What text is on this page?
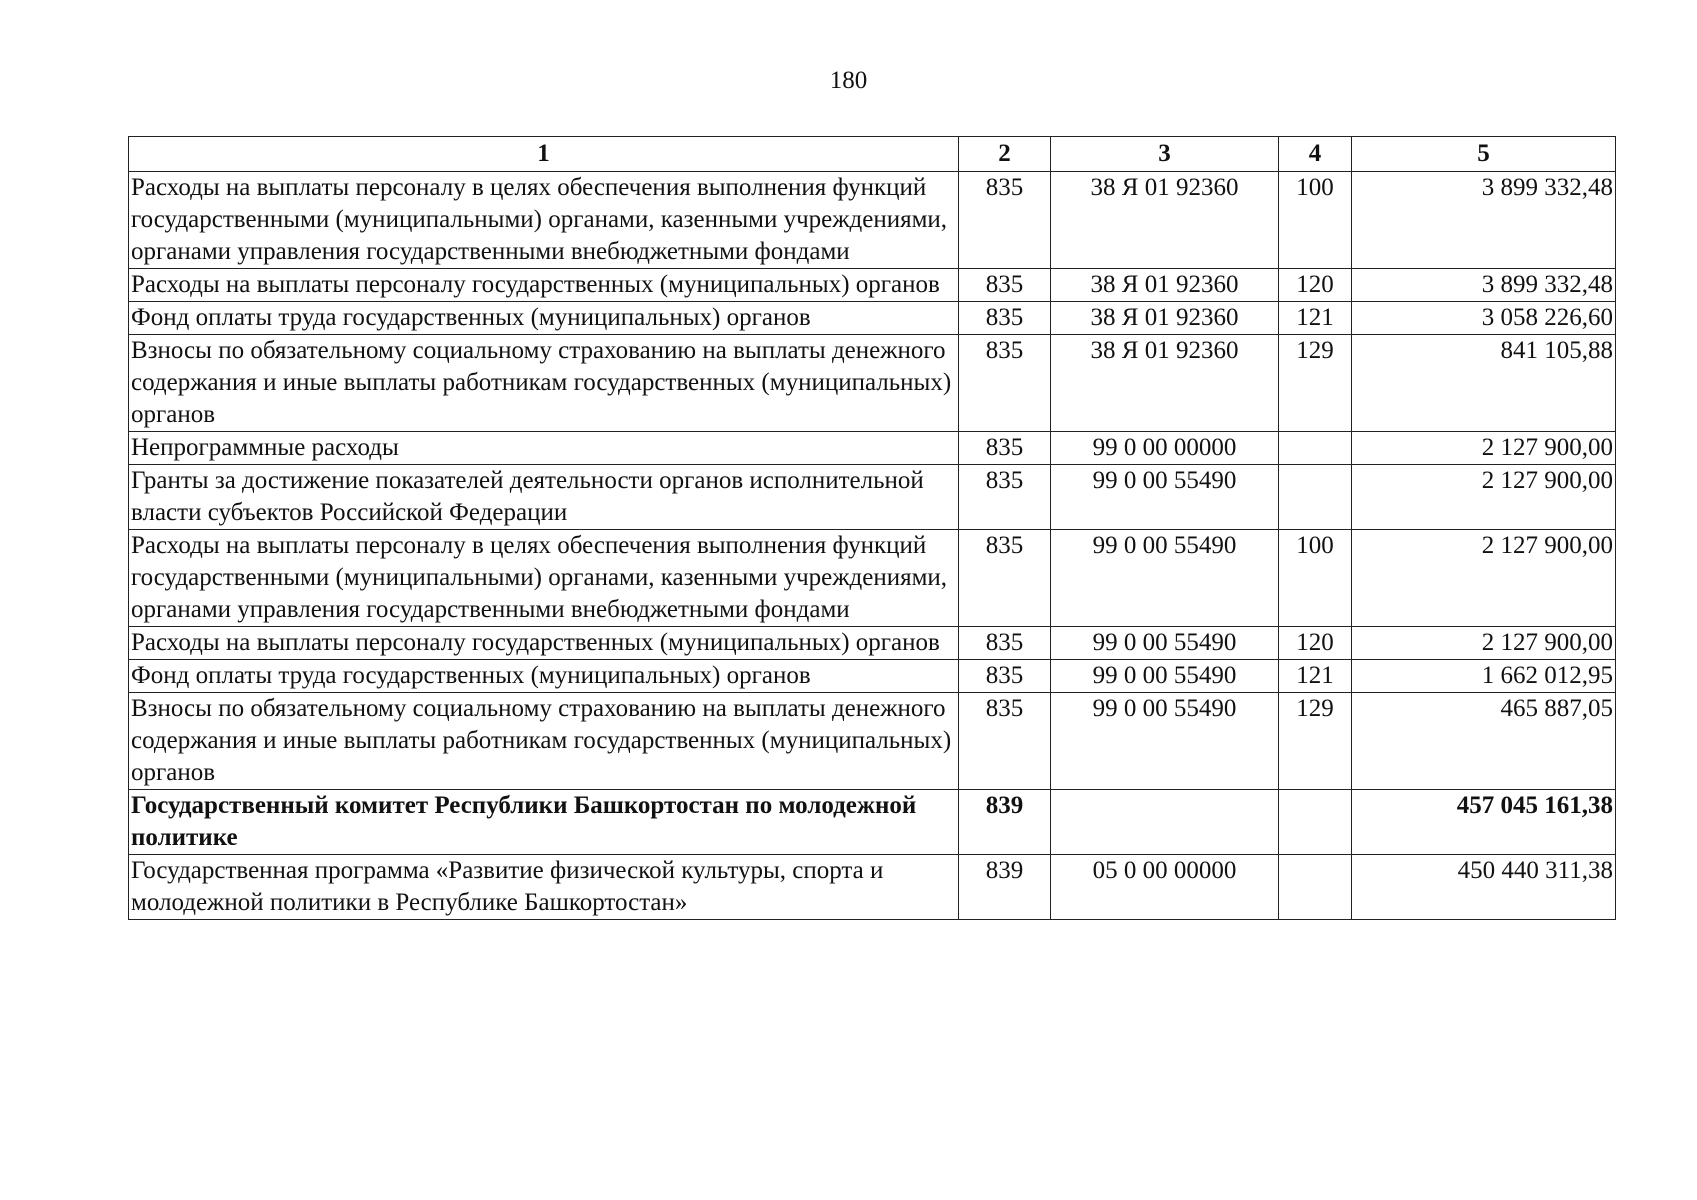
180
1	2	3	4	5
Расходы на выплаты персоналу в целях обеспечения выполнения функций государственными (муниципальными) органами, казенными учреждениями, органами управления государственными внебюджетными фондами	835	38 Я 01 92360	100	3 899 332,48
Расходы на выплаты персоналу государственных (муниципальных) органов	835	38 Я 01 92360	120	3 899 332,48
Фонд оплаты труда государственных (муниципальных) органов	835	38 Я 01 92360	121	3 058 226,60
Взносы по обязательному социальному страхованию на выплаты денежного содержания и иные выплаты работникам государственных (муниципальных) органов	835	38 Я 01 92360	129	841 105,88
Непрограммные расходы	835	99 0 00 00000		2 127 900,00
Гранты за достижение показателей деятельности органов исполнительной власти субъектов Российской Федерации	835	99 0 00 55490		2 127 900,00
Расходы на выплаты персоналу в целях обеспечения выполнения функций государственными (муниципальными) органами, казенными учреждениями, органами управления государственными внебюджетными фондами	835	99 0 00 55490	100	2 127 900,00
Расходы на выплаты персоналу государственных (муниципальных) органов	835	99 0 00 55490	120	2 127 900,00
Фонд оплаты труда государственных (муниципальных) органов	835	99 0 00 55490	121	1 662 012,95
Взносы по обязательному социальному страхованию на выплаты денежного содержания и иные выплаты работникам государственных (муниципальных) органов	835	99 0 00 55490	129	465 887,05
Государственный комитет Республики Башкортостан по молодежной политике	839			457 045 161,38
Государственная программа «Развитие физической культуры, спорта и молодежной политики в Республике Башкортостан»	839	05 0 00 00000		450 440 311,38
